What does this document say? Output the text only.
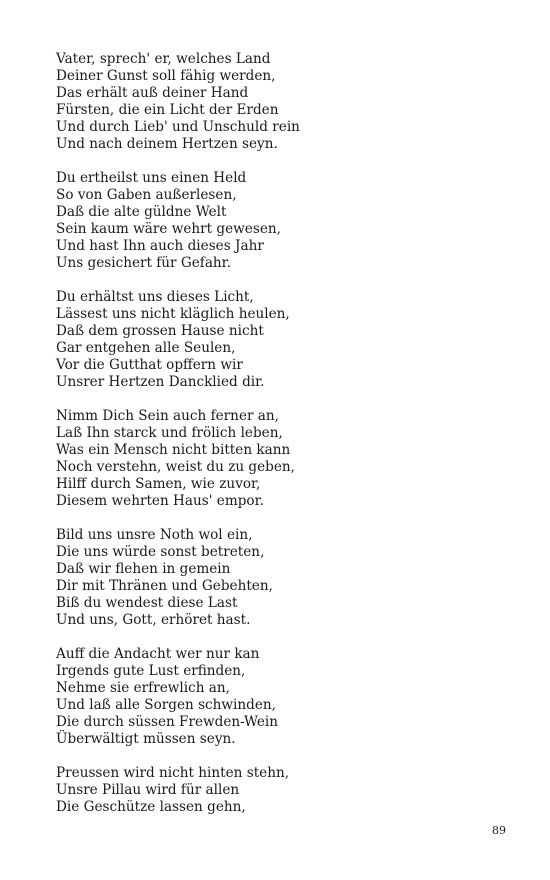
Vater, sprech' er, welches Land
Deiner Gunst soll fähig werden,
Das erhält auß deiner Hand
Fürsten, die ein Licht der Erden
Und durch Lieb' und Unschuld rein
Und nach deinem Hertzen seyn.
Du ertheilst uns einen Held
So von Gaben außerlesen,
Daß die alte güldne Welt
Sein kaum wäre wehrt gewesen,
Und hast Ihn auch dieses Jahr
Uns gesichert für Gefahr.
Du erhältst uns dieses Licht,
Lässest uns nicht kläglich heulen,
Daß dem grossen Hause nicht
Gar entgehen alle Seulen,
Vor die Gutthat opffern wir
Unsrer Hertzen Dancklied dir.
Nimm Dich Sein auch ferner an,
Laß Ihn starck und frölich leben,
Was ein Mensch nicht bitten kann
Noch verstehn, weist du zu geben,
Hilff durch Samen, wie zuvor,
Diesem wehrten Haus' empor.
Bild uns unsre Noth wol ein,
Die uns würde sonst betreten,
Daß wir flehen in gemein
Dir mit Thränen und Gebehten,
Biß du wendest diese Last
Und uns, Gott, erhöret hast.
Auff die Andacht wer nur kan
Irgends gute Lust erfinden,
Nehme sie erfrewlich an,
Und laß alle Sorgen schwinden,
Die durch süssen Frewden-Wein
Überwältigt müssen seyn.
Preussen wird nicht hinten stehn,
Unsre Pillau wird für allen
Die Geschütze lassen gehn,
89
